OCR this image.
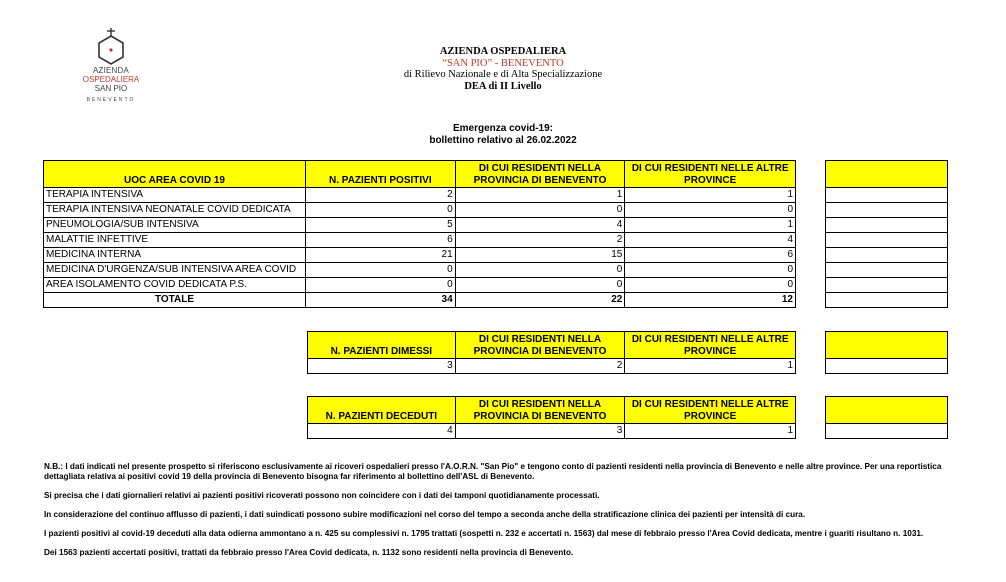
AZIENDA
OSPEDALIERA
SAN PIO
BENEVENTO
AZIENDA OSPEDALIERA
“SAN PIO” - BENEVENTO
di Rilievo Nazionale e di Alta Specializzazione
DEA di II Livello
Emergenza covid-19:
bollettino relativo al 26.02.2022
UOC AREA COVID 19	N. PAZIENTI POSITIVI	DI CUI RESIDENTI NELLA PROVINCIA DI BENEVENTO	DI CUI RESIDENTI NELLE ALTRE PROVINCE
TERAPIA INTENSIVA	2	1	1
TERAPIA INTENSIVA NEONATALE COVID DEDICATA	0	0	0
PNEUMOLOGIA/SUB INTENSIVA	5	4	1
MALATTIE INFETTIVE	6	2	4
MEDICINA INTERNA	21	15	6
MEDICINA D'URGENZA/SUB INTENSIVA AREA COVID	0	0	0
AREA ISOLAMENTO COVID DEDICATA P.S.	0	0	0
TOTALE	34	22	12

N. PAZIENTI DIMESSI	DI CUI RESIDENTI NELLA PROVINCIA DI BENEVENTO	DI CUI RESIDENTI NELLE ALTRE PROVINCE
3	2	1

N. PAZIENTI DECEDUTI	DI CUI RESIDENTI NELLA PROVINCIA DI BENEVENTO	DI CUI RESIDENTI NELLE ALTRE PROVINCE
4	3	1

N.B.: I dati indicati nel presente prospetto si riferiscono esclusivamente ai ricoveri ospedalieri presso l'A.O.R.N. "San Pio" e tengono conto di pazienti residenti nella provincia di Benevento e nelle altre province. Per una reportistica dettagliata relativa ai positivi covid 19 della provincia di Benevento bisogna far riferimento al bollettino dell'ASL di Benevento.

Si precisa che i dati giornalieri relativi ai pazienti positivi ricoverati possono non coincidere con i dati dei tamponi quotidianamente processati.

In considerazione del continuo afflusso di pazienti, i dati suindicati possono subire modificazioni nel corso del tempo a seconda anche della stratificazione clinica dei pazienti per intensità di cura.

I pazienti positivi al covid-19 deceduti alla data odierna ammontano a n. 425 su complessivi n. 1795 trattati (sospetti n. 232 e accertati n. 1563) dal mese di febbraio presso l'Area Covid dedicata, mentre i guariti risultano n. 1031.

Dei 1563 pazienti accertati positivi, trattati da febbraio presso l'Area Covid dedicata, n. 1132 sono residenti nella provincia di Benevento.
